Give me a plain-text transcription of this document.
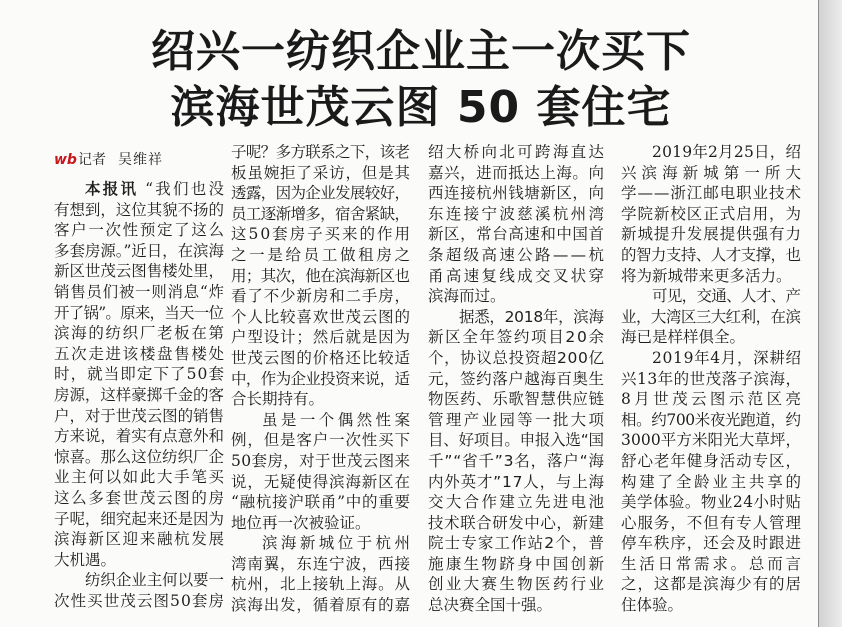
绍兴一纺织企业主一次买下
滨海世茂云图 50 套住宅
wb记者 吴维祥
本报讯 “我们也没
有想到，这位其貌不扬的
客户一次性预定了这么
多套房源。”近日，在滨海
新区世茂云图售楼处里，
销售员们被一则消息“炸
开了锅”。原来，当天一位
滨海的纺织厂老板在第
五次走进该楼盘售楼处
时，就当即定下了50套
房源，这样豪掷千金的客
户，对于世茂云图的销售
方来说，着实有点意外和
惊喜。那么这位纺织厂企
业主何以如此大手笔买
这么多套世茂云图的房
子呢，细究起来还是因为
滨海新区迎来融杭发展
大机遇。
纺织企业主何以要一
次性买世茂云图50套房
子呢？多方联系之下，该老
板虽婉拒了采访，但是其
透露，因为企业发展较好，
员工逐渐增多，宿舍紧缺，
这50套房子买来的作用
之一是给员工做租房之
用；其次，他在滨海新区也
看了不少新房和二手房，
个人比较喜欢世茂云图的
户型设计；然后就是因为
世茂云图的价格还比较适
中，作为企业投资来说，适
合长期持有。
虽是一个偶然性案
例，但是客户一次性买下
50套房，对于世茂云图来
说，无疑使得滨海新区在
“融杭接沪联甬”中的重要
地位再一次被验证。
滨海新城位于杭州
湾南翼，东连宁波，西接
杭州，北上接轨上海。从
滨海出发，循着原有的嘉
绍大桥向北可跨海直达
嘉兴，进而抵达上海。向
西连接杭州钱塘新区，向
东连接宁波慈溪杭州湾
新区，常台高速和中国首
条超级高速公路——杭
甬高速复线成交叉状穿
滨海而过。
据悉，2018年，滨海
新区全年签约项目20余
个，协议总投资超200亿
元，签约落户越海百奥生
物医药、乐歌智慧供应链
管理产业园等一批大项
目、好项目。申报入选“国
千”“省千”3名，落户“海
内外英才”17人，与上海
交大合作建立先进电池
技术联合研发中心，新建
院士专家工作站2个，普
施康生物跻身中国创新
创业大赛生物医药行业
总决赛全国十强。
2019年2月25日，绍
兴滨海新城第一所大
学——浙江邮电职业技术
学院新校区正式启用，为
新城提升发展提供强有力
的智力支持、人才支撑，也
将为新城带来更多活力。
可见，交通、人才、产
业，大湾区三大红利，在滨
海已是样样俱全。
2019年4月，深耕绍
兴13年的世茂落子滨海，
8月世茂云图示范区亮
相。约700米夜光跑道，约
3000平方米阳光大草坪，
舒心老年健身活动专区，
构建了全龄业主共享的
美学体验。物业24小时贴
心服务，不但有专人管理
停车秩序，还会及时跟进
生活日常需求。总而言
之，这都是滨海少有的居
住体验。
